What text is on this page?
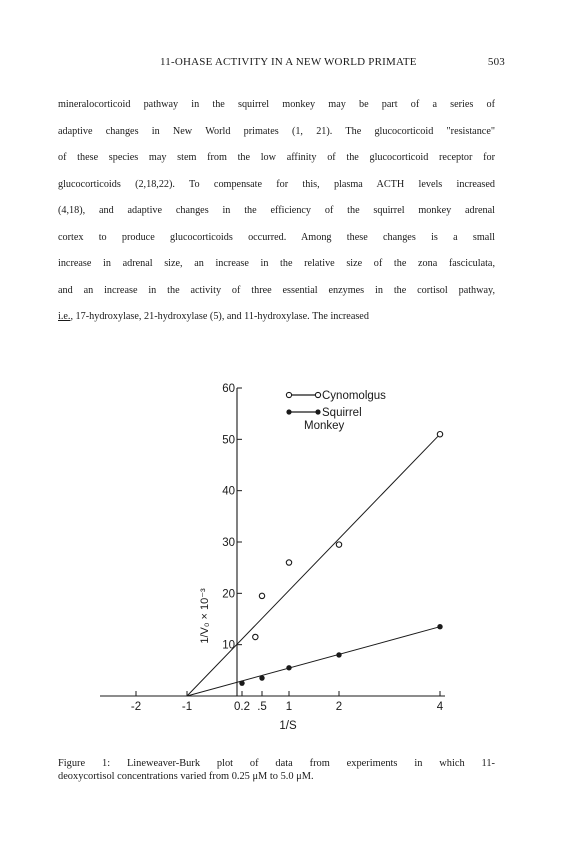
11-OHASE ACTIVITY IN A NEW WORLD PRIMATE	503
mineralocorticoid pathway in the squirrel monkey may be part of a series of
adaptive changes in New World primates (1, 21). The glucocorticoid "resistance"
of these species may stem from the low affinity of the glucocorticoid receptor for
glucocorticoids (2,18,22). To compensate for this, plasma ACTH levels increased
(4,18), and adaptive changes in the efficiency of the squirrel monkey adrenal
cortex to produce glucocorticoids occurred. Among these changes is a small
increase in adrenal size, an increase in the relative size of the zona fasciculata,
and an increase in the activity of three essential enzymes in the cortisol pathway,
i.e., 17-hydroxylase, 21-hydroxylase (5), and 11-hydroxylase. The increased
-2	-1	0.2 .5 1	2	4
10
20
30
40
50
60
Cynomolgus
Squirrel
Monkey
1/V₀ × 10⁻³
1/S
Figure 1: Lineweaver-Burk plot of data from experiments in which 11-
deoxycortisol concentrations varied from 0.25 μM to 5.0 μM.
